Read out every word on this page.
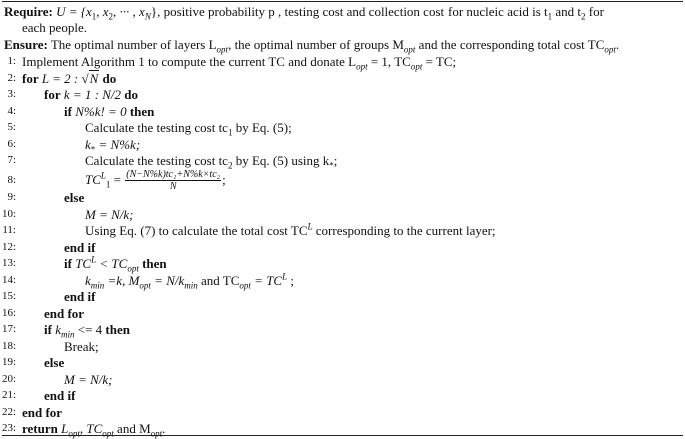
Require: $U = \{x_1$, $x_2$, ··· , $x_N$}, positive probability p , testing cost and collection cost for nucleic acid is $t_1$ and $t_2$ for
each people.
Ensure: The optimal number of layers $L_{opt}$, the optimal number of groups $M_{opt}$ and the corresponding total cost $TC_{opt}$.
1: Implement Algorithm 1 to compute the current TC and donate $L_{opt} = 1$, $TC_{opt}$ = TC;
2: for L = 2 : √N do
3: for k = 1 : N/2 do
4:	if N%k! = 0 then
5:	Calculate the testing cost $tc_1$ by Eq. (5);
6:	$k_* = N\%k$;
7:	Calculate the testing cost $tc_2$ by Eq. (5) using $k_*$;
8:	$TC^L_1 = \frac{\text{(N−N\%k)tc₁+N\%k×tc₂}}{N}$ ;
9:	else
10:	M = N/k;
11:	Using Eq. (7) to calculate the total cost $TC^L$ corresponding to the current layer;
12:	end if
13:	if $TC^L < TC_{opt}$ then
14:	$k_{min} =k$, $M_{opt} = N/k_{min}$ and $TC_{opt} = TC^L$ ;
15:	end if
16: end for
17: if $k_{min} <= 4$ then
18:	Break;
19: else
20:	M = N/k;
21: end if
22: end for
23: return $L_{opt}$, $TC_{opt}$ and $M_{opt}$.
